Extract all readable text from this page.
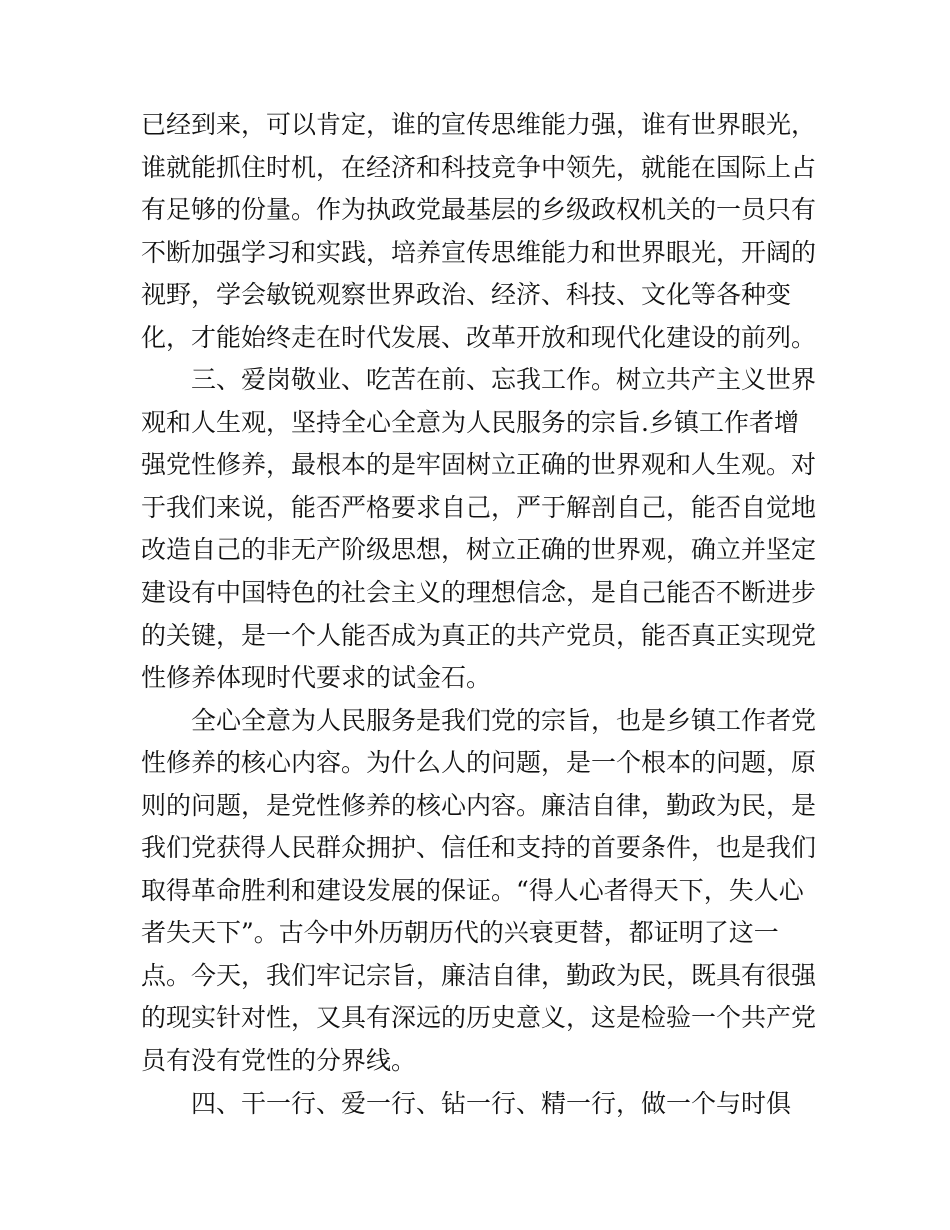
已经到来，可以肯定，谁的宣传思维能力强，谁有世界眼光，
谁就能抓住时机，在经济和科技竞争中领先，就能在国际上占
有足够的份量。作为执政党最基层的乡级政权机关的一员只有
不断加强学习和实践，培养宣传思维能力和世界眼光，开阔的
视野，学会敏锐观察世界政治、经济、科技、文化等各种变
化，才能始终走在时代发展、改革开放和现代化建设的前列。
三、爱岗敬业、吃苦在前、忘我工作。树立共产主义世界
观和人生观，坚持全心全意为人民服务的宗旨.乡镇工作者增
强党性修养，最根本的是牢固树立正确的世界观和人生观。对
于我们来说，能否严格要求自己，严于解剖自己，能否自觉地
改造自己的非无产阶级思想，树立正确的世界观，确立并坚定
建设有中国特色的社会主义的理想信念，是自己能否不断进步
的关键，是一个人能否成为真正的共产党员，能否真正实现党
性修养体现时代要求的试金石。
全心全意为人民服务是我们党的宗旨，也是乡镇工作者党
性修养的核心内容。为什么人的问题，是一个根本的问题，原
则的问题，是党性修养的核心内容。廉洁自律，勤政为民，是
我们党获得人民群众拥护、信任和支持的首要条件，也是我们
取得革命胜利和建设发展的保证。“得人心者得天下，失人心
者失天下”。古今中外历朝历代的兴衰更替，都证明了这一
点。今天，我们牢记宗旨，廉洁自律，勤政为民，既具有很强
的现实针对性，又具有深远的历史意义，这是检验一个共产党
员有没有党性的分界线。
四、干一行、爱一行、钻一行、精一行，做一个与时俱
